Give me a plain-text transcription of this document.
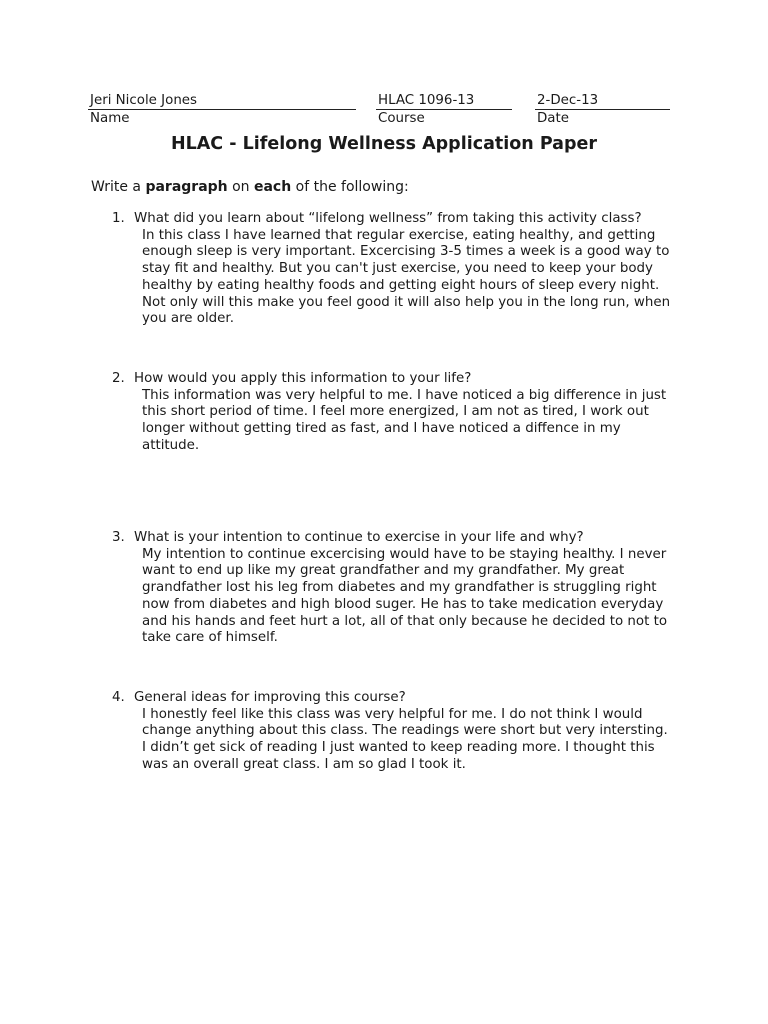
Jeri Nicole Jones
Name
HLAC 1096-13
Course
2-Dec-13
Date
HLAC - Lifelong Wellness Application Paper
Write a paragraph on each of the following:
1. What did you learn about “lifelong wellness” from taking this activity class?
In this class I have learned that regular exercise, eating healthy, and getting enough sleep is very important. Excercising 3-5 times a week is a good way to stay fit and healthy. But you can't just exercise, you need to keep your body healthy by eating healthy foods and getting eight hours of sleep every night. Not only will this make you feel good it will also help you in the long run, when you are older.
2. How would you apply this information to your life?
This information was very helpful to me. I have noticed a big difference in just this short period of time. I feel more energized, I am not as tired, I work out longer without getting tired as fast, and I have noticed a diffence in my attitude.
3. What is your intention to continue to exercise in your life and why?
My intention to continue excercising would have to be staying healthy. I never want to end up like my great grandfather and my grandfather. My great grandfather lost his leg from diabetes and my grandfather is struggling right now from diabetes and high blood suger. He has to take medication everyday and his hands and feet hurt a lot, all of that only because he decided to not to take care of himself.
4. General ideas for improving this course?
I honestly feel like this class was very helpful for me. I do not think I would change anything about this class. The readings were short but very intersting. I didn’t get sick of reading I just wanted to keep reading more. I thought this was an overall great class. I am so glad I took it.
